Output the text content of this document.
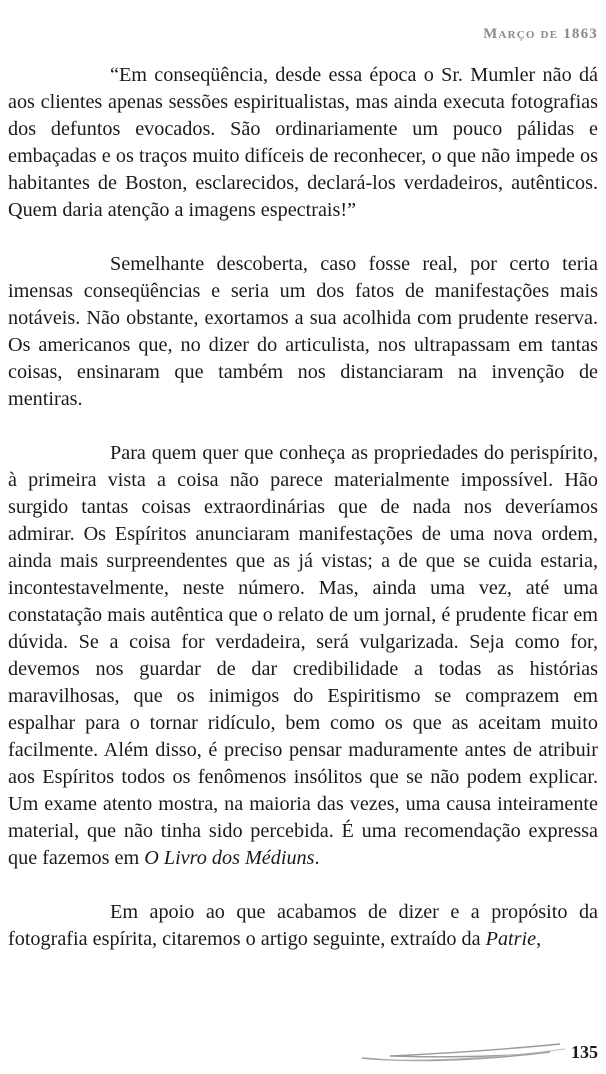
Março de 1863

“Em conseqüência, desde essa época o Sr. Mumler não dá aos clientes apenas sessões espiritualistas, mas ainda executa fotografias dos defuntos evocados. São ordinariamente um pouco pálidas e embaçadas e os traços muito difíceis de reconhecer, o que não impede os habitantes de Boston, esclarecidos, declará-los verdadeiros, autênticos. Quem daria atenção a imagens espectrais!”

Semelhante descoberta, caso fosse real, por certo teria imensas conseqüências e seria um dos fatos de manifestações mais notáveis. Não obstante, exortamos a sua acolhida com prudente reserva. Os americanos que, no dizer do articulista, nos ultrapassam em tantas coisas, ensinaram que também nos distanciaram na invenção de mentiras.

Para quem quer que conheça as propriedades do perispírito, à primeira vista a coisa não parece materialmente impossível. Hão surgido tantas coisas extraordinárias que de nada nos deveríamos admirar. Os Espíritos anunciaram manifestações de uma nova ordem, ainda mais surpreendentes que as já vistas; a de que se cuida estaria, incontestavelmente, neste número. Mas, ainda uma vez, até uma constatação mais autêntica que o relato de um jornal, é prudente ficar em dúvida. Se a coisa for verdadeira, será vulgarizada. Seja como for, devemos nos guardar de dar credibilidade a todas as histórias maravilhosas, que os inimigos do Espiritismo se comprazem em espalhar para o tornar ridículo, bem como os que as aceitam muito facilmente. Além disso, é preciso pensar maduramente antes de atribuir aos Espíritos todos os fenômenos insólitos que se não podem explicar. Um exame atento mostra, na maioria das vezes, uma causa inteiramente material, que não tinha sido percebida. É uma recomendação expressa que fazemos em O Livro dos Médiuns.

Em apoio ao que acabamos de dizer e a propósito da fotografia espírita, citaremos o artigo seguinte, extraído da Patrie,

135
